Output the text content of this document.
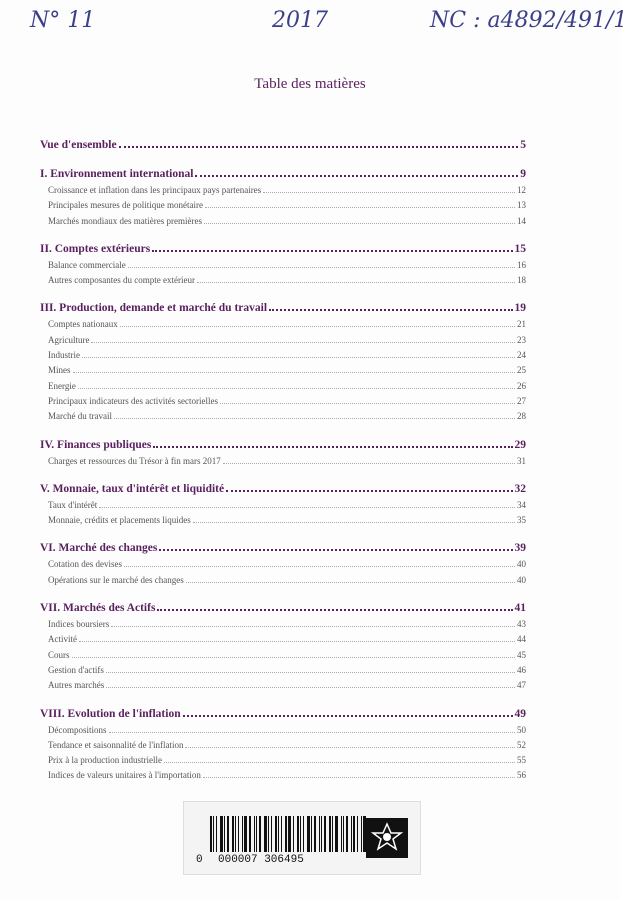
N° 11	2017	NC : a4892/49 1/1
Table des matières
Vue d'ensemble	5
I. Environnement international	9
Croissance et inflation dans les principaux pays partenaires	12
Principales mesures de politique monétaire	13
Marchés mondiaux des matières premières	14
II. Comptes extérieurs	15
Balance commerciale	16
Autres composantes du compte extérieur	18
III. Production, demande et marché du travail	19
Comptes nationaux	21
Agriculture	23
Industrie	24
Mines	25
Energie	26
Principaux indicateurs des activités sectorielles	27
Marché du travail	28
IV. Finances publiques	29
Charges et ressources du Trésor à fin mars 2017	31
V. Monnaie, taux d'intérêt et liquidité	32
Taux d'intérêt	34
Monnaie, crédits et placements liquides	35
VI. Marché des changes	39
Cotation des devises	40
Opérations sur le marché des changes	40
VII. Marchés des Actifs	41
Indices boursiers	43
Activité	44
Cours	45
Gestion d'actifs	46
Autres marchés	47
VIII. Evolution de l'inflation	49
Décompositions	50
Tendance et saisonnalité de l'inflation	52
Prix à la production industrielle	55
Indices de valeurs unitaires à l'importation	56
0 000007 306495
